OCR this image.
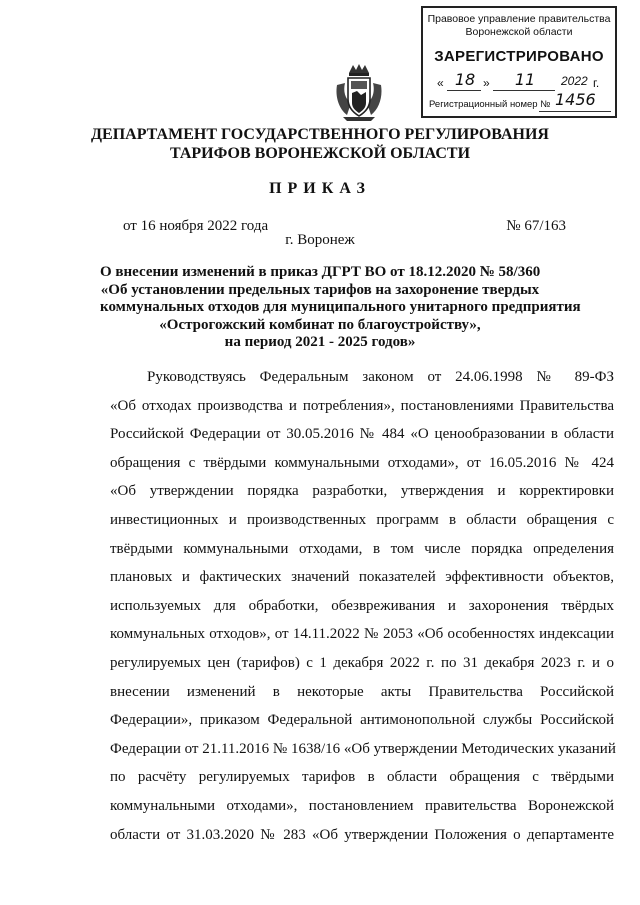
Правовое управление правительства
Воронежской области
ЗАРЕГИСТРИРОВАНО
« 18 »	11	2022 г.
Регистрационный номер № 1456
ДЕПАРТАМЕНТ ГОСУДАРСТВЕННОГО РЕГУЛИРОВАНИЯ
ТАРИФОВ ВОРОНЕЖСКОЙ ОБЛАСТИ
ПРИКАЗ
от 16 ноября 2022 года	№ 67/163
г. Воронеж
О внесении изменений в приказ ДГРТ ВО от 18.12.2020 № 58/360
«Об установлении предельных тарифов на захоронение твердых
коммунальных отходов для муниципального унитарного предприятия
«Острогожский комбинат по благоустройству»,
на период 2021 - 2025 годов»
Руководствуясь Федеральным законом от 24.06.1998 № 89-ФЗ
«Об отходах производства и потребления», постановлениями Правительства
Российской Федерации от 30.05.2016 № 484 «О ценообразовании в области
обращения с твёрдыми коммунальными отходами», от 16.05.2016 № 424
«Об утверждении порядка разработки, утверждения и корректировки
инвестиционных и производственных программ в области обращения с
твёрдыми коммунальными отходами, в том числе порядка определения
плановых и фактических значений показателей эффективности объектов,
используемых для обработки, обезвреживания и захоронения твёрдых
коммунальных отходов», от 14.11.2022 № 2053 «Об особенностях индексации
регулируемых цен (тарифов) с 1 декабря 2022 г. по 31 декабря 2023 г. и о
внесении изменений в некоторые акты Правительства Российской
Федерации», приказом Федеральной антимонопольной службы Российской
Федерации от 21.11.2016 № 1638/16 «Об утверждении Методических указаний
по расчёту регулируемых тарифов в области обращения с твёрдыми
коммунальными отходами», постановлением правительства Воронежской
области от 31.03.2020 № 283 «Об утверждении Положения о департаменте
